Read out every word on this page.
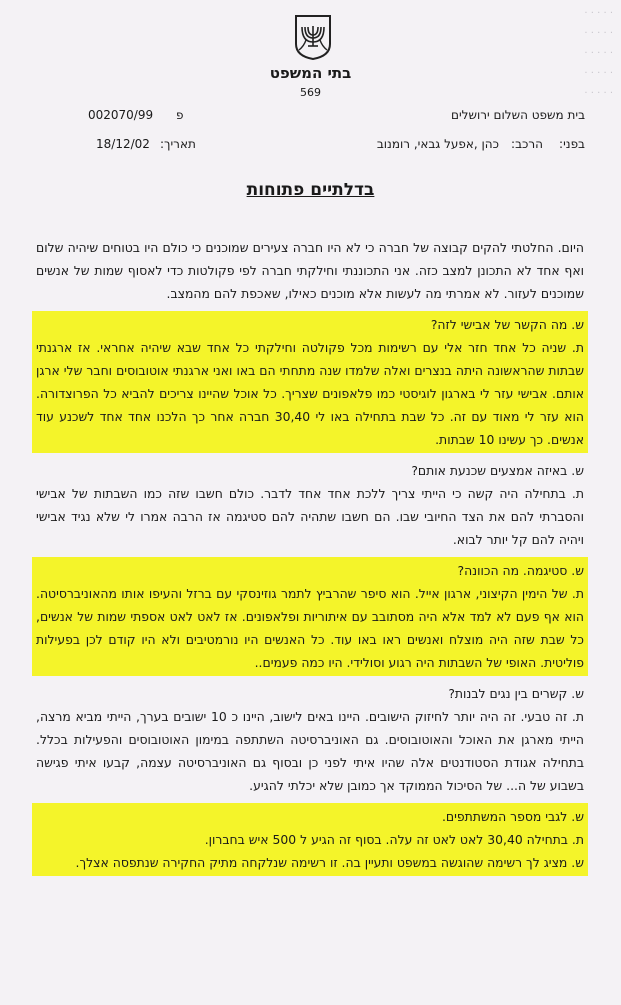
· · · · ·
· · · · ·
· · · · ·
· · · · ·
· · · · ·
בתי המשפט
569
בית משפט השלום ירושלים
פ
002070/99
בפני:
הרכב:
כהן ,אפעל גבאי, רומנוב
תאריך:
18/12/02
בדלתיים פתוחות

היום. החלטתי להקים קבוצה של חברה כי לא היו חברה צעירים שמוכנים כי כולם היו בטוחים שיהיה שלום ואף אחד לא התכונן למצב כזה. אני התכוננתי וחילקתי חברה לפי פקולטות כדי לאסוף שמות של אנשים שמוכנים לעזור. לא אמרתי מה לעשות אלא מוכנים כאילו, שאכפת להם מהמצב.

ש. מה הקשר של אבישי לזה?

ת. שניה כל אחד חזר אלי עם רשימות מכל פקולטה וחילקתי כל אחד שבא שיהיה אחראי. אז ארגנתי שבתות שהראשונה היתה בנצרים ואלה שלמדו שנה מתחתי הם באו ואני ארגנתי אוטובוסים וחבר שלי ארגן אותם. אבישי עזר לי בארגון לוגיסטי כמו פלאפונים שצריך. כל אוכל שהיינו צריכים להביא כל הפרוצדורה. הוא עזר לי מאוד עם זה. כל שבת בתחילה באו לי 30,40 חברה אחר כך הלכנו אחד אחד לשכנע עוד אנשים. כך עשינו 10 שבתות.

ש. באיזה אמצעים שכנעת אותם?

ת. בתחילה היה קשה כי הייתי צריך ללכת אחד אחד לדבר. כולם חשבו שזה כמו השבתות של אבישי והסברתי להם את הצד החיובי שבו. הם חשבו שתהיה להם סטיגמה אז הרבה אמרו לי שלא נגיד אבישי ויהיה להם קל יותר לבוא.

ש. סטיגמה. מה הכוונה?

ת. של הימין הקיצוני, ארגון אייל. הוא סיפר שהרביץ לתמר גוזינסקי עם ברזל והעיפו אותו מהאוניברסיטה. הוא אף פעם לא למד אלא היה מסתובב עם איתוריות ופלאפונים. אז לאט לאט אספתי שמות של אנשים, כל שבת שזה היה מוצלח ואנשים ראו באו עוד. כל האנשים היו נורמטיבים ולא היו קודם לכן בפעילות פוליטית. האופי של השבתות היה רגוע וסולידי. היו כמה פעמים..

ש. קשרים בין נגים לבנות?

ת. זה טבעי. זה היה יותר לחיזוק הישובים. היינו באים לישוב, היינו כ 10 ישובים בערך, הייתי מביא מרצה, הייתי מארגן את האוכל והאוטובוסים. גם האוניברסיטה השתתפה במימון האוטובוסים והפעילות בכלל. בתחילה אגודת הסטודנטים אלה שהיו איתי לפני כן ובסוף גם האוניברסיטה עצמה, קבעו איתי פגישה בשבוע של ה... של הסיכול הממוקד אך כמובן שלא יכלתי להגיע.

ש. לגבי מספר המשתתפים.

ת. בתחילה 30,40 לאט לאט זה עלה. בסוף זה הגיע ל 500 איש בחברון.

ש. מציג לך רשימה שהוגשה במשפט ותעיין בה. זו רשימה שנלקחה מתיק החקירה שנתפסה אצלך.
